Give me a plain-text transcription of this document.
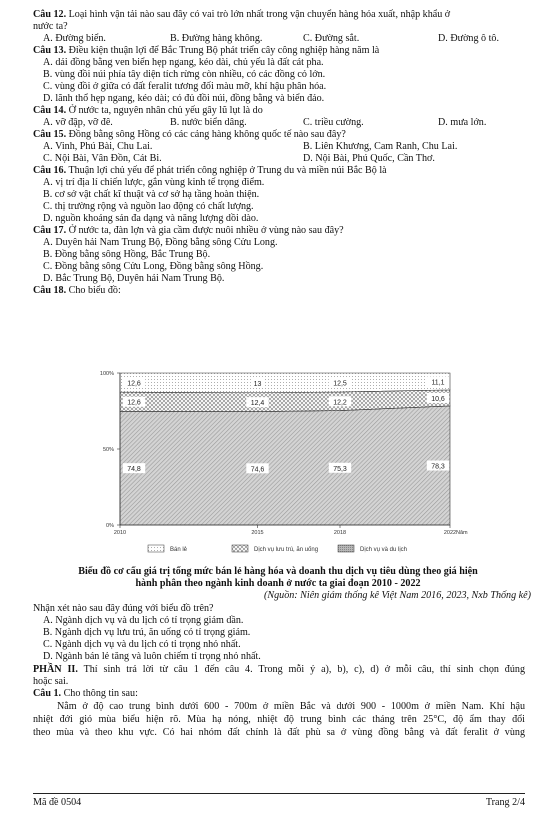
Câu 12. Loại hình vận tải nào sau đây có vai trò lớn nhất trong vận chuyển hàng hóa xuất, nhập khẩu ở
nước ta?
A. Đường biển.	B. Đường hàng không.	C. Đường sắt.	D. Đường ô tô.
Câu 13. Điều kiện thuận lợi để Bắc Trung Bộ phát triển cây công nghiệp hàng năm là
A. dải đồng bằng ven biển hẹp ngang, kéo dài, chủ yếu là đất cát pha.
B. vùng đồi núi phía tây diện tích rừng còn nhiều, có các đồng cỏ lớn.
C. vùng đồi ở giữa có đất feralit tương đối màu mỡ, khí hậu phân hóa.
D. lãnh thổ hẹp ngang, kéo dài; có đủ đồi núi, đồng bằng và biển đảo.
Câu 14. Ở nước ta, nguyên nhân chủ yếu gây lũ lụt là do
A. vỡ đập, vỡ đê.	B. nước biển dâng.	C. triều cường.	D. mưa lớn.
Câu 15. Đồng bằng sông Hồng có các cảng hàng không quốc tế nào sau đây?
A. Vinh, Phú Bài, Chu Lai.	B. Liên Khương, Cam Ranh, Chu Lai.
C. Nội Bài, Vân Đồn, Cát Bi.	D. Nội Bài, Phú Quốc, Cần Thơ.
Câu 16. Thuận lợi chủ yếu để phát triển công nghiệp ở Trung du và miền núi Bắc Bộ là
A. vị trí địa lí chiến lược, gắn vùng kinh tế trọng điểm.
B. cơ sở vật chất kĩ thuật và cơ sở hạ tầng hoàn thiện.
C. thị trường rộng và nguồn lao động có chất lượng.
D. nguồn khoáng sản đa dạng và năng lượng dồi dào.
Câu 17. Ở nước ta, đàn lợn và gia cầm được nuôi nhiều ở vùng nào sau đây?
A. Duyên hải Nam Trung Bộ, Đồng bằng sông Cửu Long.
B. Đồng bằng sông Hồng, Bắc Trung Bộ.
C. Đồng bằng sông Cửu Long, Đồng bằng sông Hồng.
D. Bắc Trung Bộ, Duyên hải Nam Trung Bộ.
Câu 18. Cho biểu đồ:
0%
50%
100%
2010	2015	2018	2022 Năm
74,8	74,6	75,3	78,3
12,6	12,4	12,2	10,6
12,6	13	12,5	11,1
Bán lẻ	Dịch vụ lưu trú, ăn uống	Dịch vụ và du lịch
Biểu đồ cơ cấu giá trị tổng mức bán lẻ hàng hóa và doanh thu dịch vụ tiêu dùng theo giá hiện
hành phân theo ngành kinh doanh ở nước ta giai đoạn 2010 - 2022
(Nguồn: Niên giám thống kê Việt Nam 2016, 2023, Nxb Thống kê)
Nhận xét nào sau đây đúng với biểu đồ trên?
A. Ngành dịch vụ và du lịch có tỉ trọng giảm dần.
B. Ngành dịch vụ lưu trú, ăn uống có tỉ trọng giảm.
C. Ngành dịch vụ và du lịch có tỉ trọng nhỏ nhất.
D. Ngành bán lẻ tăng và luôn chiếm tỉ trọng nhỏ nhất.
PHẦN II. Thí sinh trả lời từ câu 1 đến câu 4. Trong mỗi ý a), b), c), d) ở mỗi câu, thí sinh chọn đúng
hoặc sai.
Câu 1. Cho thông tin sau:
Nằm ở độ cao trung bình dưới 600 - 700m ở miền Bắc và dưới 900 - 1000m ở miền Nam. Khí hậu
nhiệt đới gió mùa biểu hiện rõ. Mùa hạ nóng, nhiệt độ trung bình các tháng trên 25°C, độ ẩm thay đổi
theo mùa và theo khu vực. Có hai nhóm đất chính là đất phù sa ở vùng đồng bằng và đất feralit ở vùng
Mã đề 0504	Trang 2/4
